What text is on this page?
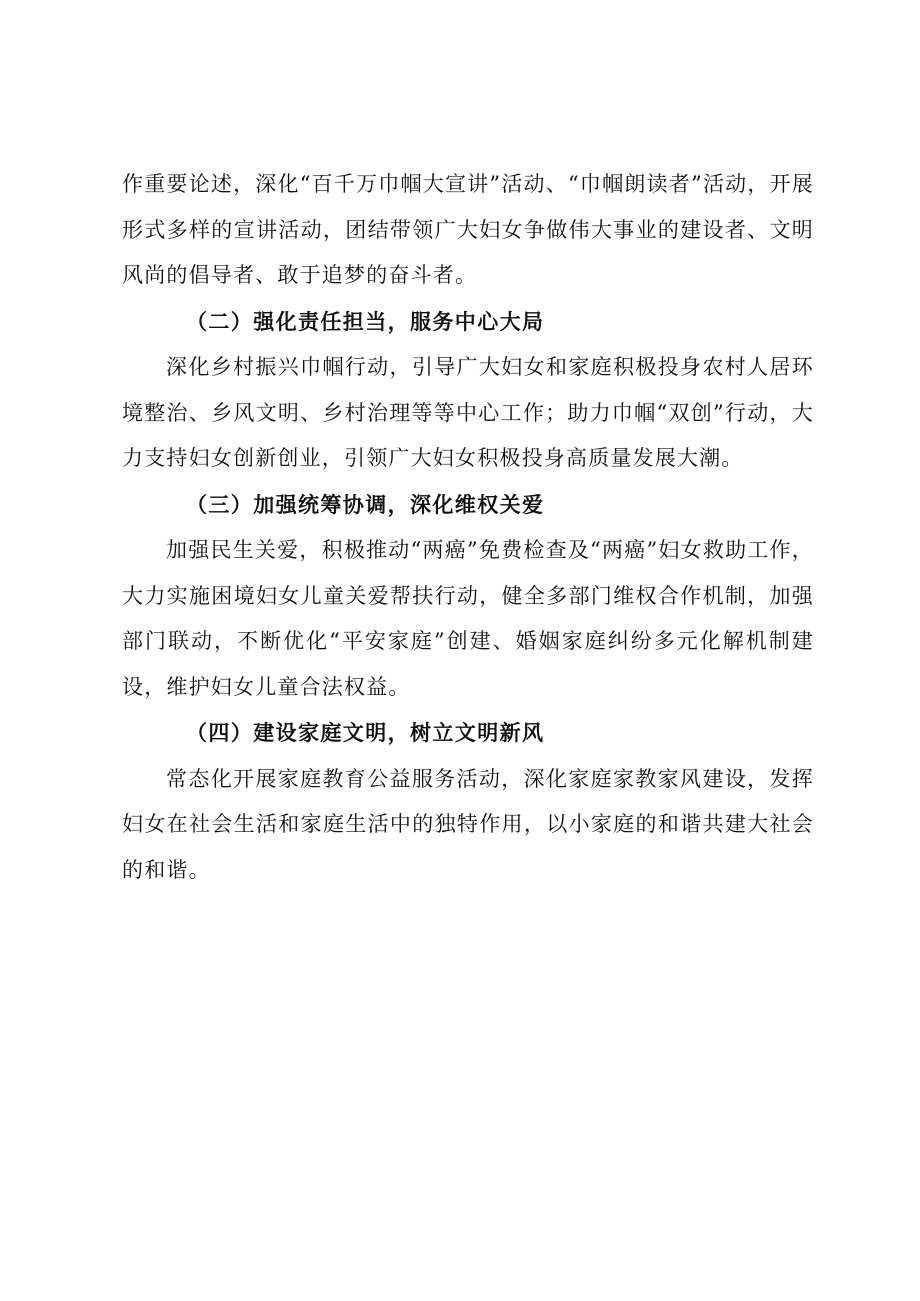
作重要论述，深化“百千万巾帼大宣讲”活动、“巾帼朗读者”活动，开展形式多样的宣讲活动，团结带领广大妇女争做伟大事业的建设者、文明风尚的倡导者、敢于追梦的奋斗者。

（二）强化责任担当，服务中心大局

深化乡村振兴巾帼行动，引导广大妇女和家庭积极投身农村人居环境整治、乡风文明、乡村治理等等中心工作；助力巾帼“双创”行动，大力支持妇女创新创业，引领广大妇女积极投身高质量发展大潮。

（三）加强统筹协调，深化维权关爱

加强民生关爱，积极推动“两癌”免费检查及“两癌”妇女救助工作，大力实施困境妇女儿童关爱帮扶行动，健全多部门维权合作机制，加强部门联动，不断优化“平安家庭”创建、婚姻家庭纠纷多元化解机制建设，维护妇女儿童合法权益。

（四）建设家庭文明，树立文明新风

常态化开展家庭教育公益服务活动，深化家庭家教家风建设，发挥妇女在社会生活和家庭生活中的独特作用，以小家庭的和谐共建大社会的和谐。
